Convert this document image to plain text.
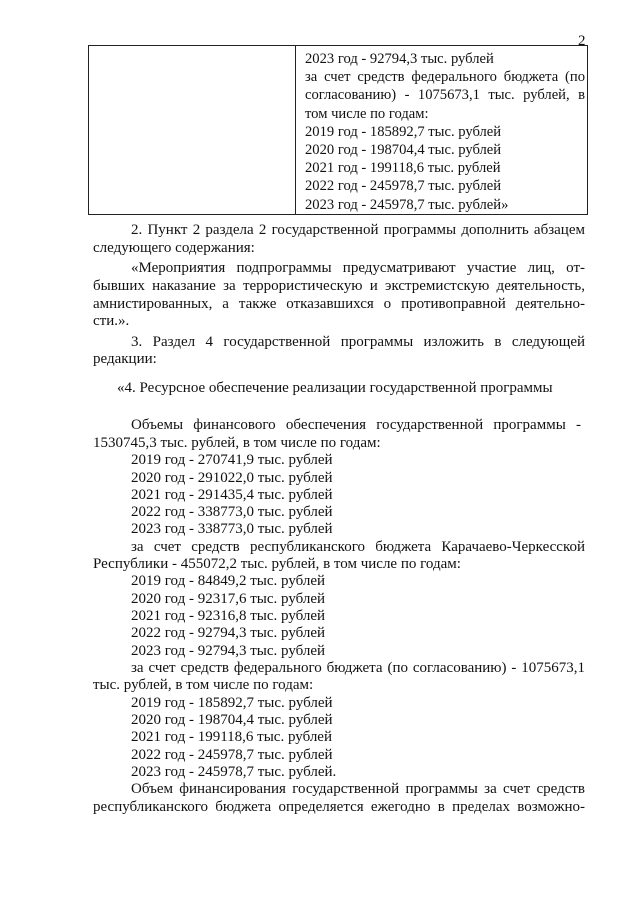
2

2023 год - 92794,3 тыс. рублей
за счет средств федерального бюджета (по
согласованию) - 1075673,1 тыс. рублей, в
том числе по годам:
2019 год - 185892,7 тыс. рублей
2020 год - 198704,4 тыс. рублей
2021 год - 199118,6 тыс. рублей
2022 год - 245978,7 тыс. рублей
2023 год - 245978,7 тыс. рублей»
2. Пункт 2 раздела 2 государственной программы дополнить абзацем
следующего содержания:
«Мероприятия подпрограммы предусматривают участие лиц, от-
бывших наказание за террористическую и экстремистскую деятельность,
амнистированных, а также отказавшихся о противоправной деятельно-
сти.».
3. Раздел 4 государственной программы изложить в следующей
редакции:
«4. Ресурсное обеспечение реализации государственной программы
Объемы финансового обеспечения государственной программы -
1530745,3 тыс. рублей, в том числе по годам:
2019 год - 270741,9 тыс. рублей
2020 год - 291022,0 тыс. рублей
2021 год - 291435,4 тыс. рублей
2022 год - 338773,0 тыс. рублей
2023 год - 338773,0 тыс. рублей
за счет средств республиканского бюджета Карачаево-Черкесской
Республики - 455072,2 тыс. рублей, в том числе по годам:
2019 год - 84849,2 тыс. рублей
2020 год - 92317,6 тыс. рублей
2021 год - 92316,8 тыс. рублей
2022 год - 92794,3 тыс. рублей
2023 год - 92794,3 тыс. рублей
за счет средств федерального бюджета (по согласованию) - 1075673,1
тыс. рублей, в том числе по годам:
2019 год - 185892,7 тыс. рублей
2020 год - 198704,4 тыс. рублей
2021 год - 199118,6 тыс. рублей
2022 год - 245978,7 тыс. рублей
2023 год - 245978,7 тыс. рублей.
Объем финансирования государственной программы за счет средств
республиканского бюджета определяется ежегодно в пределах возможно-
